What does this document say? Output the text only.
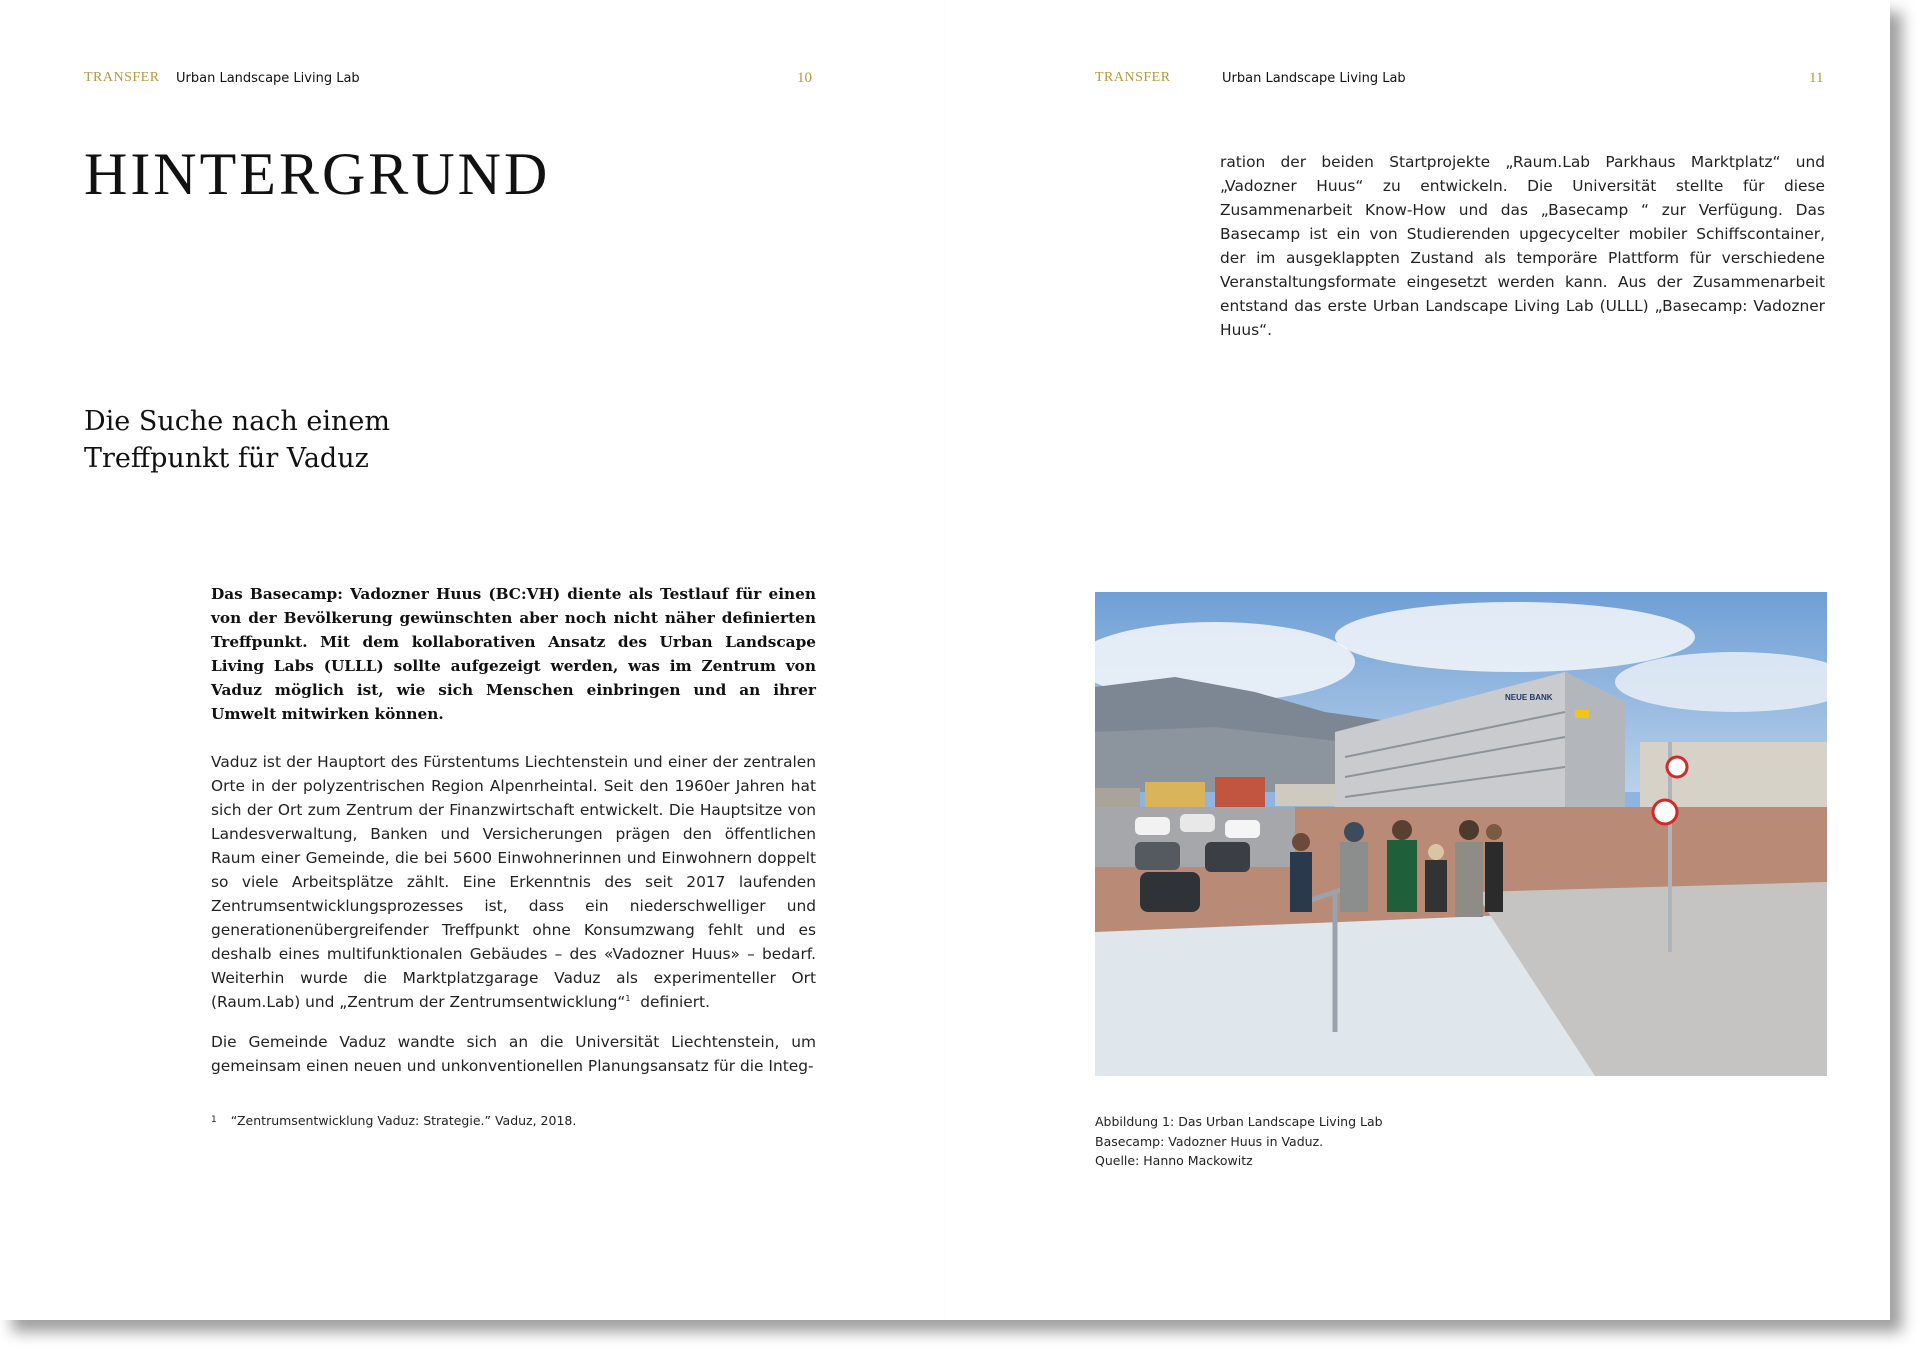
TRANSFER Urban Landscape Living Lab	10	TRANSFER	Urban Landscape Living Lab	11
HINTERGRUND
Die Suche nach einem
Treffpunkt für Vaduz

Das Basecamp: Vadozner Huus (BC:VH) diente als Testlauf für einen von der Bevölkerung gewünschten aber noch nicht näher definierten Treffpunkt. Mit dem kollaborativen Ansatz des Urban Landscape Living Labs (ULLL) sollte aufgezeigt werden, was im Zentrum von Vaduz möglich ist, wie sich Menschen einbringen und an ihrer Umwelt mitwirken können.

Vaduz ist der Hauptort des Fürstentums Liechtenstein und einer der zentralen Orte in der polyzentrischen Region Alpenrheintal. Seit den 1960er Jahren hat sich der Ort zum Zentrum der Finanzwirtschaft entwickelt. Die Hauptsitze von Landesverwaltung, Banken und Versicherungen prägen den öffentlichen Raum einer Gemeinde, die bei 5600 Einwohnerinnen und Einwohnern doppelt so viele Arbeitsplätze zählt. Eine Erkenntnis des seit 2017 laufenden Zentrumsentwicklungsprozesses ist, dass ein niederschwelliger und generationenübergreifender Treffpunkt ohne Konsumzwang fehlt und es deshalb eines multifunktionalen Gebäudes – des «Vadozner Huus» – bedarf. Weiterhin wurde die Marktplatzgarage Vaduz als experimenteller Ort (Raum.Lab) und „Zentrum der Zentrumsentwicklung“$^1$ definiert.

Die Gemeinde Vaduz wandte sich an die Universität Liechtenstein, um gemeinsam einen neuen und unkonventionellen Planungsansatz für die Integ-

$^1$ “Zentrumsentwicklung Vaduz: Strategie.” Vaduz, 2018.

ration der beiden Startprojekte „Raum.Lab Parkhaus Marktplatz“ und „Vadozner Huus“ zu entwickeln. Die Universität stellte für diese Zusammenarbeit Know-How und das „Basecamp “ zur Verfügung. Das Basecamp ist ein von Studierenden upgecycelter mobiler Schiffscontainer, der im ausgeklappten Zustand als temporäre Plattform für verschiedene Veranstaltungsformate eingesetzt werden kann. Aus der Zusammenarbeit entstand das erste Urban Landscape Living Lab (ULLL) „Basecamp: Vadozner Huus“.

NEUE BANK
Abbildung 1: Das Urban Landscape Living Lab
Basecamp: Vadozner Huus in Vaduz.
Quelle: Hanno Mackowitz
